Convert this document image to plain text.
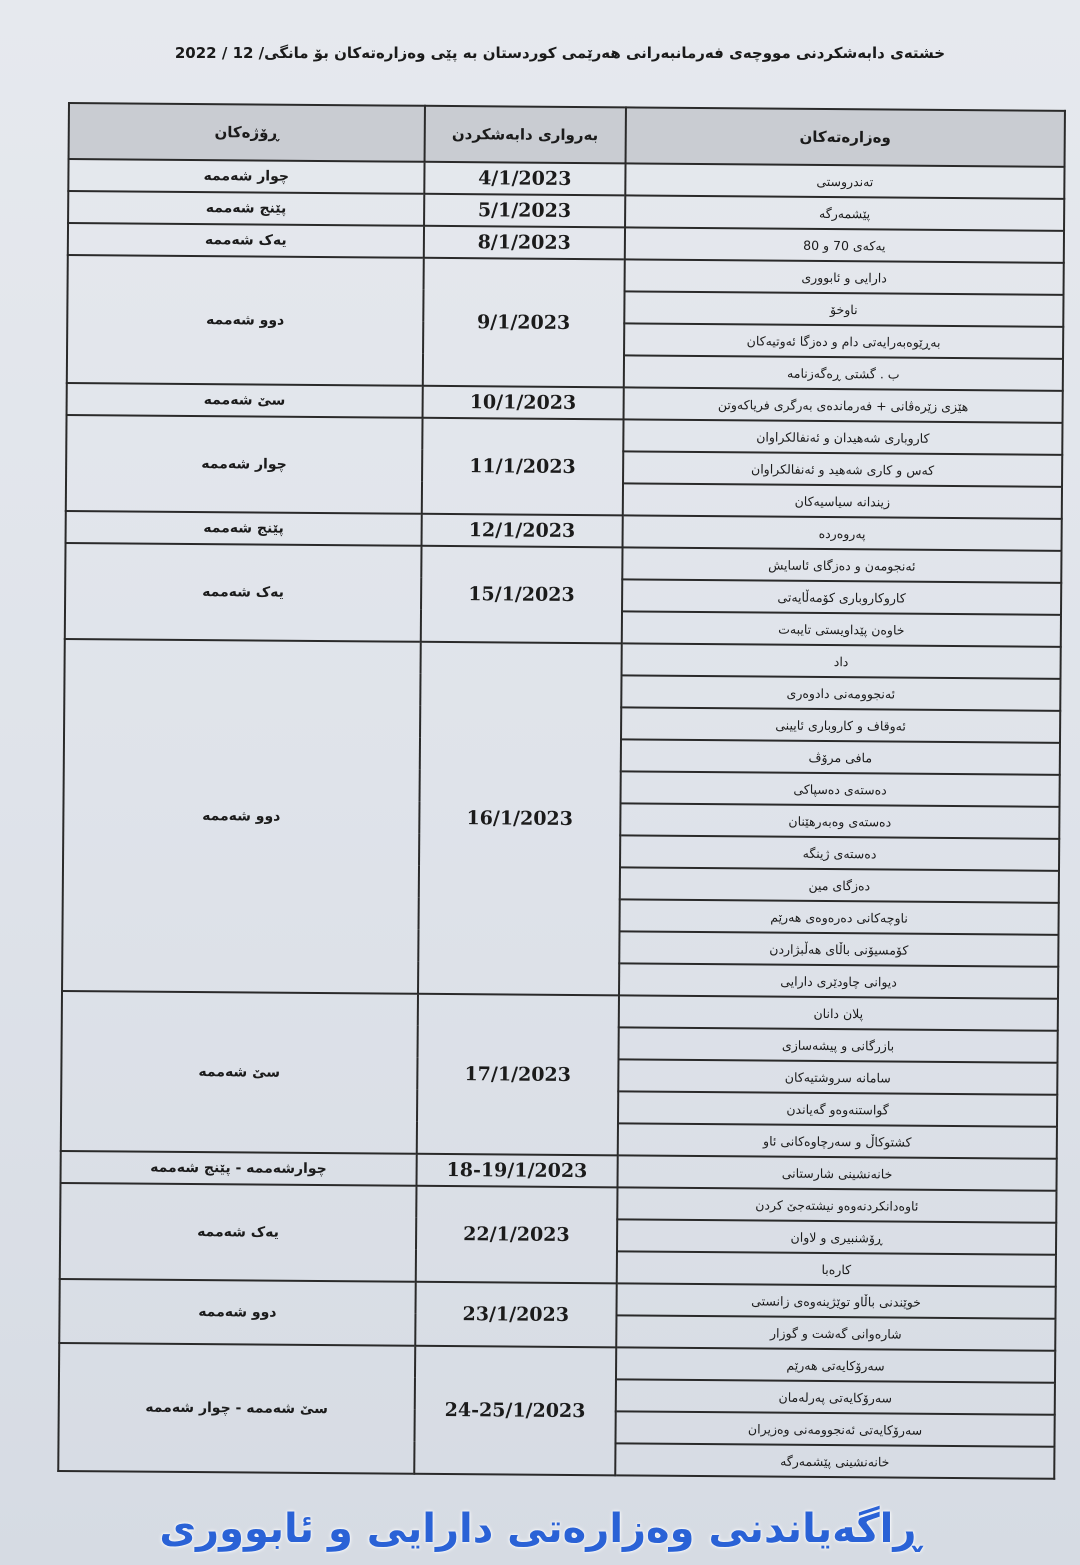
خشتەی دابەشکردنی مووچەی فەرمانبەرانی هەرێمی کوردستان بە پێی وەزارەتەکان بۆ مانگی/ 12 / 2022
وەزارەتەکان	بەرواری دابەشکردن	ڕۆژەکان
تەندروستی	4/1/2023	چوار شەممە
پێشمەرگە	5/1/2023	پێنج شەممە
یەکەی 70 و 80	8/1/2023	یەک شەممە
دارایی و ئابووری	9/1/2023	دوو شەممە
ناوخۆ		
بەڕێوەبەرایەتی دام و دەزگا ئەوتیەکان		
ب . گشتی ڕەگەزنامە		
هێزی زێرەڤانی + فەرماندەی بەرگری فریاکەوتن	10/1/2023	سێ شەممە
کاروباری شەهیدان و ئەنفالکراوان	11/1/2023	چوار شەممە
کەس و کاری شەهید و ئەنفالکراوان		
زیندانە سیاسیەکان		
پەروەردە	12/1/2023	پێنج شەممە
ئەنجومەن و دەزگای ئاسایش	15/1/2023	یەک شەممە
کاروکاروباری کۆمەڵایەتی		
خاوەن پێداویستی تایبەت		
داد	16/1/2023	دوو شەممە
ئەنجوومەنی دادوەری		
ئەوقاف و کاروباری ئایینی		
مافی مرۆڤ		
دەستەی دەسپاکی		
دەستەی وەبەرهێنان		
دەستەی ژینگە		
دەزگای مین		
ناوچەکانی دەرەوەی هەرێم		
کۆمسیۆنی باڵای هەڵبژاردن		
دیوانی چاودێری دارایی		
پلان دانان	17/1/2023	سێ شەممە
بازرگانی و پیشەسازی		
سامانە سروشتیەکان		
گواستنەوەو گەیاندن		
کشتوکاڵ و سەرچاوەکانی ئاو		
خانەنشینی شارستانی	18-19/1/2023	چوارشەممە - پێنج شەممە
ئاوەدانکردنەوەو نیشتەجێ کردن	22/1/2023	یەک شەممە
ڕۆشنبیری و لاوان		
کارەبا		
خوێندنی باڵاو توێژینەوەی زانستی	23/1/2023	دوو شەممە
شارەوانی گەشت و گوزار		
سەرۆکایەتی هەرێم	24-25/1/2023	سێ شەممە - چوار شەممە
سەرۆکایەتی پەرلەمان		
سەرۆکایەتی ئەنجوومەنی وەزیران		
خانەنشینی پێشمەرگە		
ڕاگەیاندنی وەزارەتی دارایی و ئابووری
